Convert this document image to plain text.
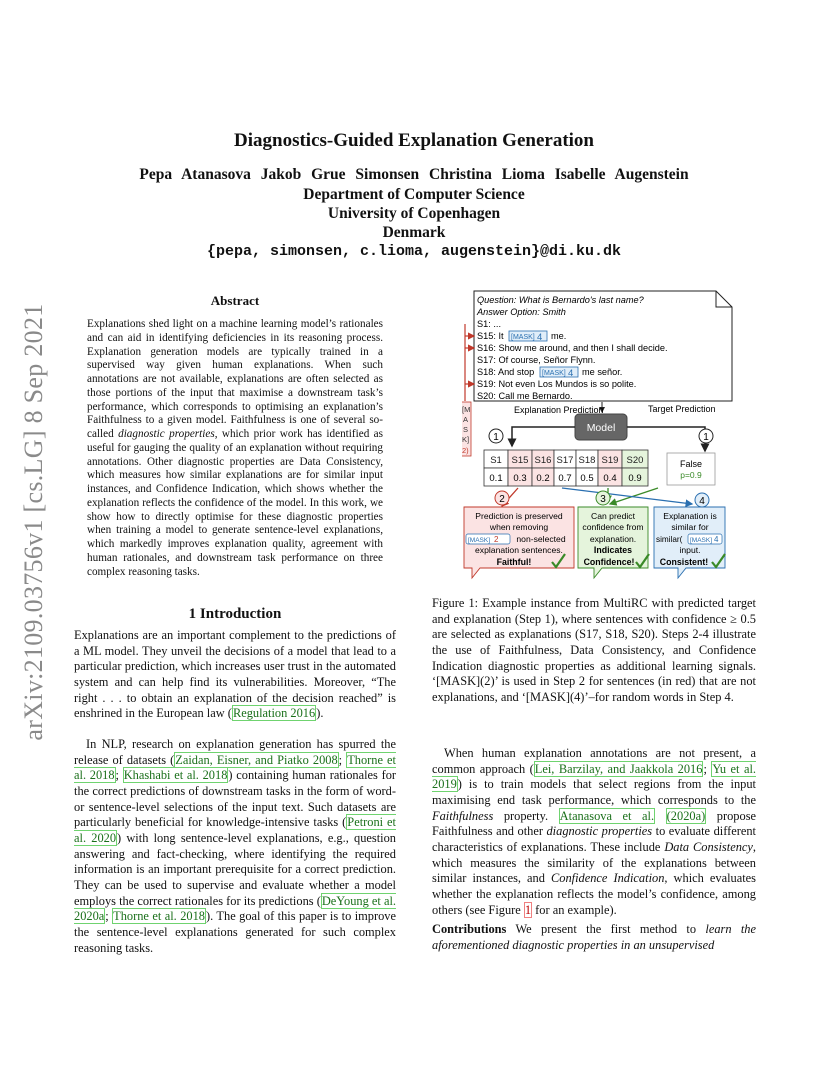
arXiv:2109.03756v1 [cs.LG] 8 Sep 2021
Diagnostics-Guided Explanation Generation
Pepa Atanasova Jakob Grue Simonsen Christina Lioma Isabelle Augenstein
Department of Computer Science
University of Copenhagen
Denmark
{pepa, simonsen, c.lioma, augenstein}@di.ku.dk
Abstract
Explanations shed light on a machine learning model’s rationales and can aid in identifying deficiencies in its reasoning process. Explanation generation models are typically trained in a supervised way given human explanations. When such annotations are not available, explanations are often selected as those portions of the input that maximise a downstream task’s performance, which corresponds to optimising an explanation’s Faithfulness to a given model. Faithfulness is one of several so-called diagnostic properties, which prior work has identified as useful for gauging the quality of an explanation without requiring annotations. Other diagnostic properties are Data Consistency, which measures how similar explanations are for similar input instances, and Confidence Indication, which shows whether the explanation reflects the confidence of the model. In this work, we show how to directly optimise for these diagnostic properties when training a model to generate sentence-level explanations, which markedly improves explanation quality, agreement with human rationales, and downstream task performance on three complex reasoning tasks.
1 Introduction
Explanations are an important complement to the predictions of a ML model. They unveil the decisions of a model that lead to a particular prediction, which increases user trust in the automated system and can help find its vulnerabilities. Moreover, “The right . . . to obtain an explanation of the decision reached” is enshrined in the European law (Regulation 2016).
In NLP, research on explanation generation has spurred the release of datasets (Zaidan, Eisner, and Piatko 2008; Thorne et al. 2018; Khashabi et al. 2018) containing human rationales for the correct predictions of downstream tasks in the form of word- or sentence-level selections of the input text. Such datasets are particularly beneficial for knowledge-intensive tasks (Petroni et al. 2020) with long sentence-level explanations, e.g., question answering and fact-checking, where identifying the required information is an important prerequisite for a correct prediction. They can be used to supervise and evaluate whether a model employs the correct rationales for its predictions (DeYoung et al. 2020a; Thorne et al. 2018). The goal of this paper is to improve the sentence-level explanations generated for such complex reasoning tasks.
Question: What is Bernardo's last name?
Answer Option: Smith
S1: ...
S15: It [MASK] 4 me.
S16: Show me around, and then I shall decide.
S17: Of course, Señor Flynn.
S18: And stop [MASK] 4 me señor.
S19: Not even Los Mundos is so polite.
S20: Call me Bernardo.
[M
A
S
K]
2)
Model
Explanation Prediction	Target Prediction
1	1
S1
0.1
S15
0.3
S16
0.2
S17
0.7
S18
0.5
S19
0.4
S20
0.9
False
p=0.9
2	3	4
Prediction is preserved
when removing
[MASK] 2 non-selected
explanation sentences.
Faithful!
Can predict
confidence from
explanation.
Indicates
Confidence!
Explanation is
similar for
similar( [MASK] 4
input.
Consistent!
Figure 1: Example instance from MultiRC with predicted target and explanation (Step 1), where sentences with confidence ≥ 0.5 are selected as explanations (S17, S18, S20). Steps 2-4 illustrate the use of Faithfulness, Data Consistency, and Confidence Indication diagnostic properties as additional learning signals. ‘[MASK](2)’ is used in Step 2 for sentences (in red) that are not explanations, and ‘[MASK](4)’–for random words in Step 4.
When human explanation annotations are not present, a common approach (Lei, Barzilay, and Jaakkola 2016; Yu et al. 2019) is to train models that select regions from the input maximising end task performance, which corresponds to the Faithfulness property. Atanasova et al. (2020a) propose Faithfulness and other diagnostic properties to evaluate different characteristics of explanations. These include Data Consistency, which measures the similarity of the explanations between similar instances, and Confidence Indication, which evaluates whether the explanation reflects the model’s confidence, among others (see Figure 1 for an example).
Contributions We present the first method to learn the aforementioned diagnostic properties in an unsupervised
